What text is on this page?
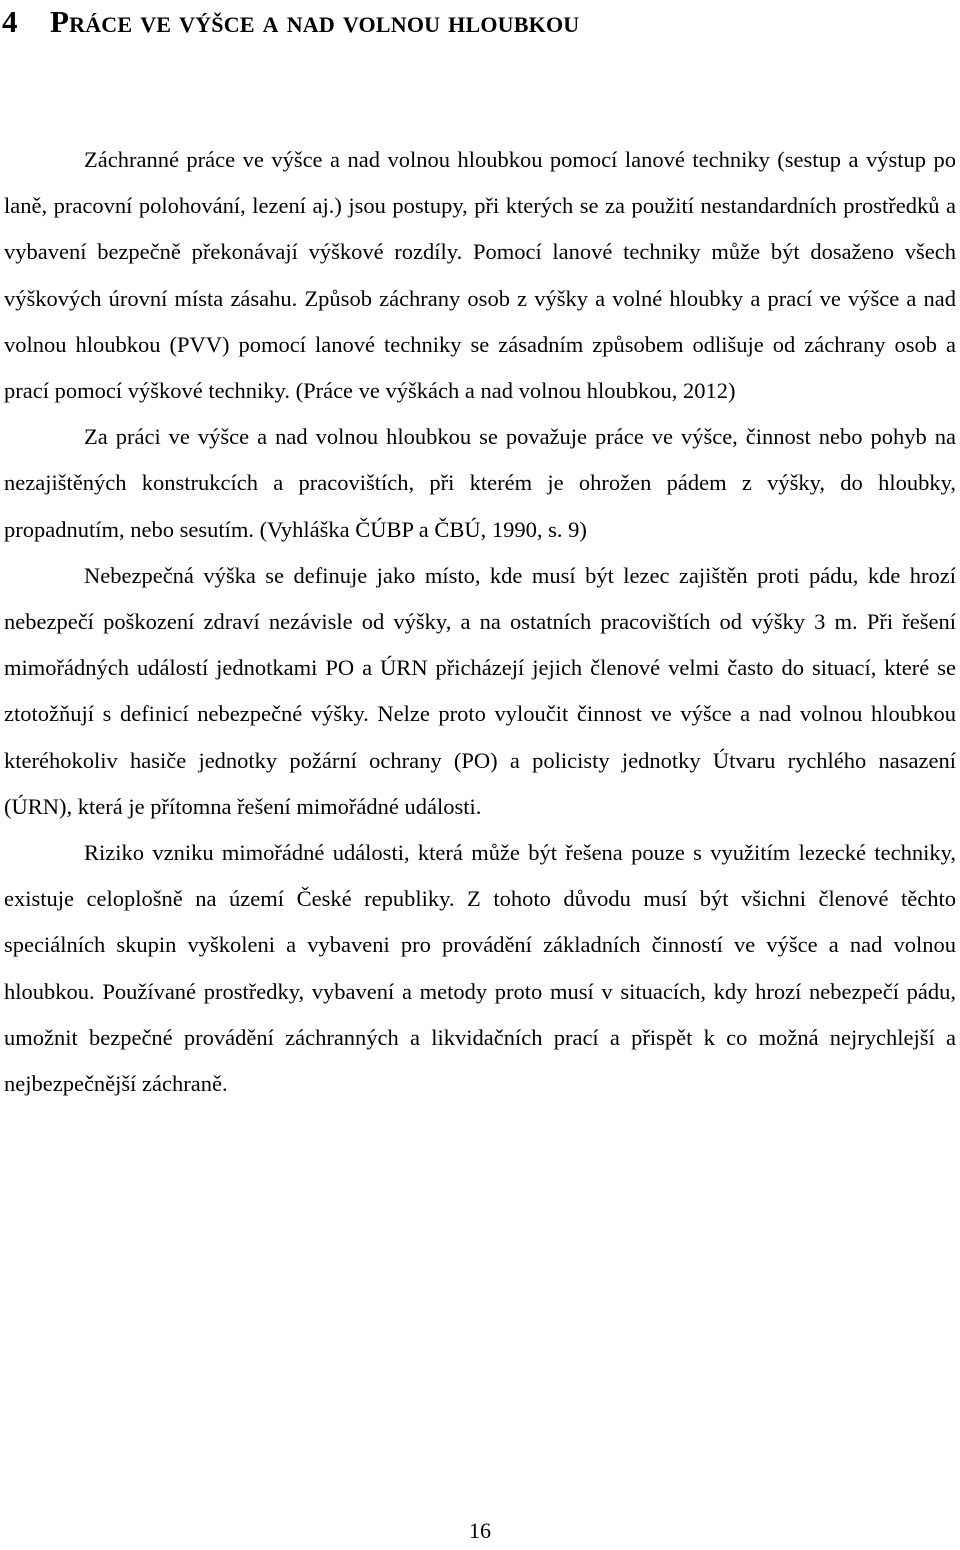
4 Práce ve výšce a nad volnou hloubkou

Záchranné práce ve výšce a nad volnou hloubkou pomocí lanové techniky (sestup a výstup po laně, pracovní polohování, lezení aj.) jsou postupy, při kterých se za použití nestandardních prostředků a vybavení bezpečně překonávají výškové rozdíly. Pomocí lanové techniky může být dosaženo všech výškových úrovní místa zásahu. Způsob záchrany osob z výšky a volné hloubky a prací ve výšce a nad volnou hloubkou (PVV) pomocí lanové techniky se zásadním způsobem odlišuje od záchrany osob a prací pomocí výškové techniky. (Práce ve výškách a nad volnou hloubkou, 2012)

Za práci ve výšce a nad volnou hloubkou se považuje práce ve výšce, činnost nebo pohyb na nezajištěných konstrukcích a pracovištích, při kterém je ohrožen pádem z výšky, do hloubky, propadnutím, nebo sesutím. (Vyhláška ČÚBP a ČBÚ, 1990, s. 9)

Nebezpečná výška se definuje jako místo, kde musí být lezec zajištěn proti pádu, kde hrozí nebezpečí poškození zdraví nezávisle od výšky, a na ostatních pracovištích od výšky 3 m. Při řešení mimořádných událostí jednotkami PO a ÚRN přicházejí jejich členové velmi často do situací, které se ztotožňují s definicí nebezpečné výšky. Nelze proto vyloučit činnost ve výšce a nad volnou hloubkou kteréhokoliv hasiče jednotky požární ochrany (PO) a policisty jednotky Útvaru rychlého nasazení (ÚRN), která je přítomna řešení mimořádné události.

Riziko vzniku mimořádné události, která může být řešena pouze s využitím lezecké techniky, existuje celoplošně na území České republiky. Z tohoto důvodu musí být všichni členové těchto speciálních skupin vyškoleni a vybaveni pro provádění základních činností ve výšce a nad volnou hloubkou. Používané prostředky, vybavení a metody proto musí v situacích, kdy hrozí nebezpečí pádu, umožnit bezpečné provádění záchranných a likvidačních prací a přispět k co možná nejrychlejší a nejbezpečnější záchraně.

16
